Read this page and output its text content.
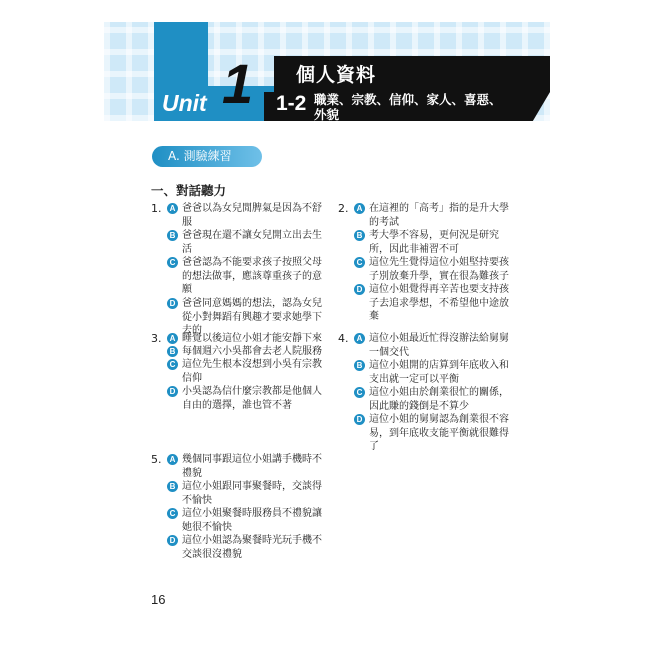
Unit 1 個人資料
1-2 職業、宗教、信仰、家人、喜惡、外貌
A. 測驗練習
一、對話聽力
1.	A 爸爸以為女兒閒脾氣是因為不舒服
B 爸爸現在還不讓女兒開立出去生活
C 爸爸認為不能要求孩子按照父母的想法做事，應該尊重孩子的意願
D 爸爸同意媽媽的想法，認為女兒從小對舞蹈有興趣才要求她學下去的
2.	A 在這裡的「高考」指的是升大學的考試
B 考大學不容易，更何況是研究所，因此非補習不可
C 這位先生覺得這位小姐堅持要孩子別放棄升學，實在很為難孩子
D 這位小姐覺得再辛苦也要支持孩子去追求學想，不希望他中途放棄
3.	A 睡覺以後這位小姐才能安靜下來
B 每個週六小吳都會去老人院服務
C 這位先生根本沒想到小吳有宗教信仰
D 小吳認為信什麼宗教都是他個人自由的選擇，誰也管不著
4.	A 這位小姐最近忙得沒辦法給舅舅一個交代
B 這位小姐開的店算到年底收入和支出就一定可以平衡
C 這位小姐由於創業很忙的關係，因此賺的錢倒是不算少
D 這位小姐的舅舅認為創業很不容易，到年底收支能平衡就很難得了
5.	A 幾個同事跟這位小姐講手機時不禮貌
B 這位小姐跟同事聚餐時，交談得不愉快
C 這位小姐聚餐時服務員不禮貌讓她很不愉快
D 這位小姐認為聚餐時光玩手機不交談很沒禮貌
16
